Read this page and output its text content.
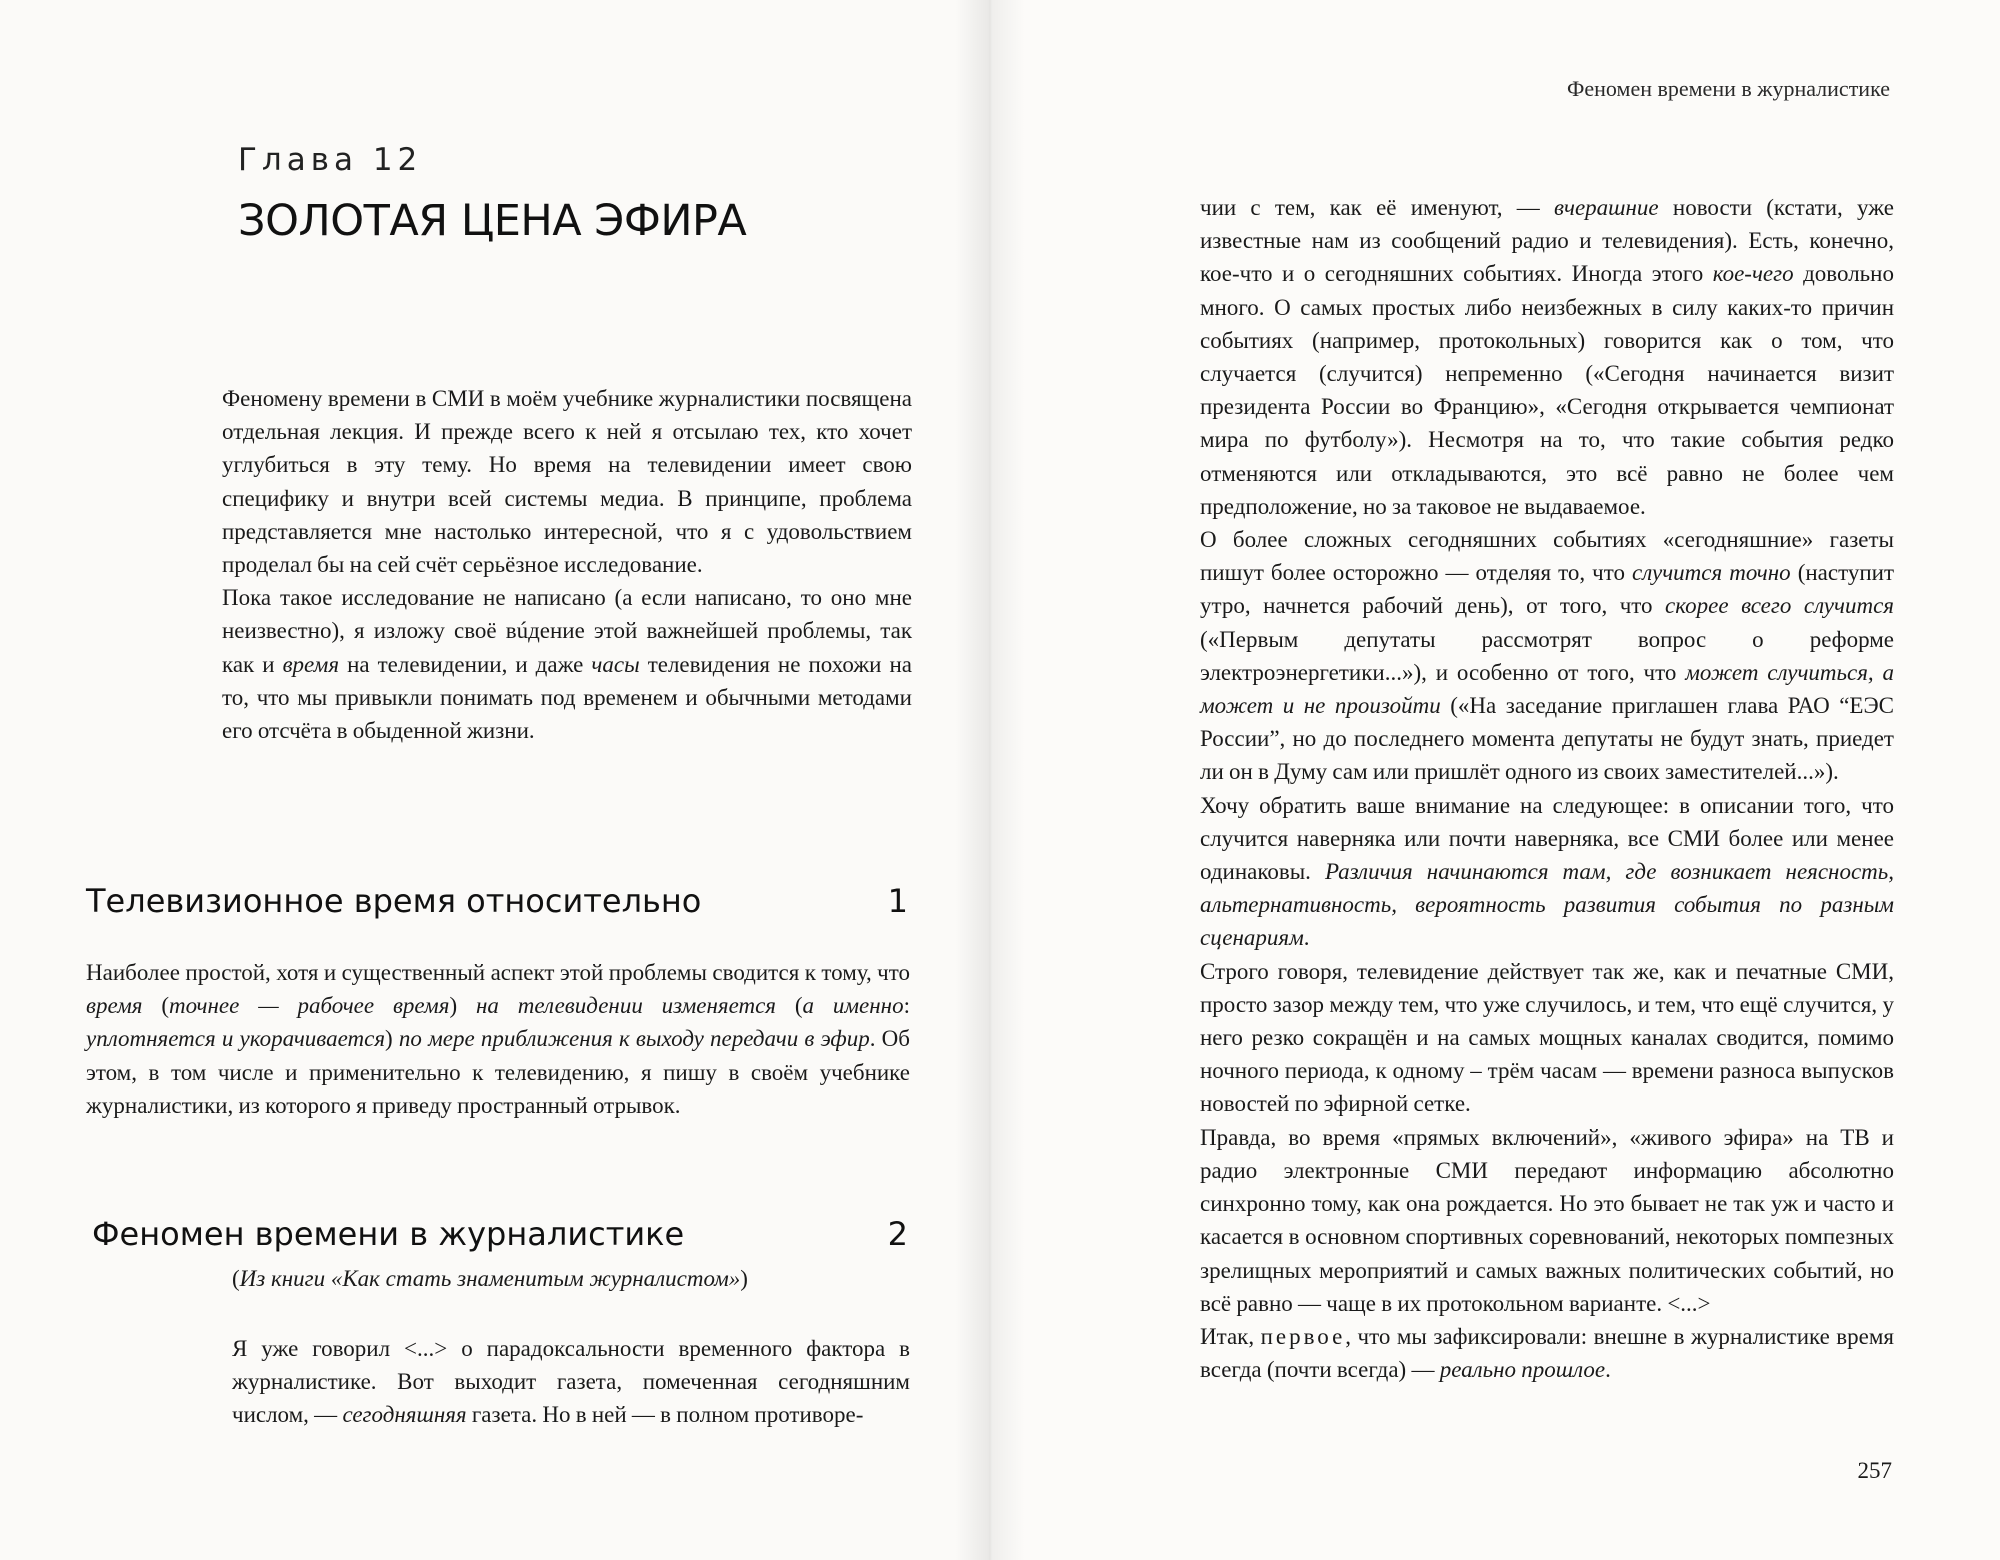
Глава 12
ЗОЛОТАЯ ЦЕНА ЭФИРА

Феномену времени в СМИ в моём учебнике журналистики посвящена отдельная лекция. И прежде всего к ней я отсылаю тех, кто хочет углубиться в эту тему. Но время на телевидении имеет свою специфику и внутри всей системы медиа. В принципе, проблема представляется мне настолько интересной, что я с удовольствием проделал бы на сей счёт серьёзное исследование.

Пока такое исследование не написано (а если написано, то оно мне неизвестно), я изложу своё вúдение этой важнейшей проблемы, так как и время на телевидении, и даже часы телевидения не похожи на то, что мы привыкли понимать под временем и обычными методами его отсчёта в обыденной жизни.

Телевизионное время относительно	1

Наиболее простой, хотя и существенный аспект этой проблемы сводится к тому, что время (точнее — рабочее время) на телевидении изменяется (а именно: уплотняется и укорачивается) по мере приближения к выходу передачи в эфир. Об этом, в том числе и применительно к телевидению, я пишу в своём учебнике журналистики, из которого я приведу пространный отрывок.

Феномен времени в журналистике	2
(Из книги «Как стать знаменитым журналистом»)

Я уже говорил <...> о парадоксальности временного фактора в журналистике. Вот выходит газета, помеченная сегодняшним числом, — сегодняшняя газета. Но в ней — в полном противоре-

Феномен времени в журналистике

чии с тем, как её именуют, — вчерашние новости (кстати, уже известные нам из сообщений радио и телевидения). Есть, конечно, кое-что и о сегодняшних событиях. Иногда этого кое-чего довольно много. О самых простых либо неизбежных в силу каких-то причин событиях (например, протокольных) говорится как о том, что случается (случится) непременно («Сегодня начинается визит президента России во Францию», «Сегодня открывается чемпионат мира по футболу»). Несмотря на то, что такие события редко отменяются или откладываются, это всё равно не более чем предположение, но за таковое не выдаваемое.

О более сложных сегодняшних событиях «сегодняшние» газеты пишут более осторожно — отделяя то, что случится точно (наступит утро, начнется рабочий день), от того, что скорее всего случится («Первым депутаты рассмотрят вопрос о реформе электроэнергетики...»), и особенно от того, что может случиться, а может и не произойти («На заседание приглашен глава РАО “ЕЭС России”, но до последнего момента депутаты не будут знать, приедет ли он в Думу сам или пришлёт одного из своих заместителей...»).

Хочу обратить ваше внимание на следующее: в описании того, что случится наверняка или почти наверняка, все СМИ более или менее одинаковы. Различия начинаются там, где возникает неясность, альтернативность, вероятность развития события по разным сценариям.

Строго говоря, телевидение действует так же, как и печатные СМИ, просто зазор между тем, что уже случилось, и тем, что ещё случится, у него резко сокращён и на самых мощных каналах сводится, помимо ночного периода, к одному – трём часам — времени разноса выпусков новостей по эфирной сетке.

Правда, во время «прямых включений», «живого эфира» на ТВ и радио электронные СМИ передают информацию абсолютно синхронно тому, как она рождается. Но это бывает не так уж и часто и касается в основном спортивных соревнований, некоторых помпезных зрелищных мероприятий и самых важных политических событий, но всё равно — чаще в их протокольном варианте. <...>

Итак, первое, что мы зафиксировали: внешне в журналистике время всегда (почти всегда) — реально прошлое.

257
